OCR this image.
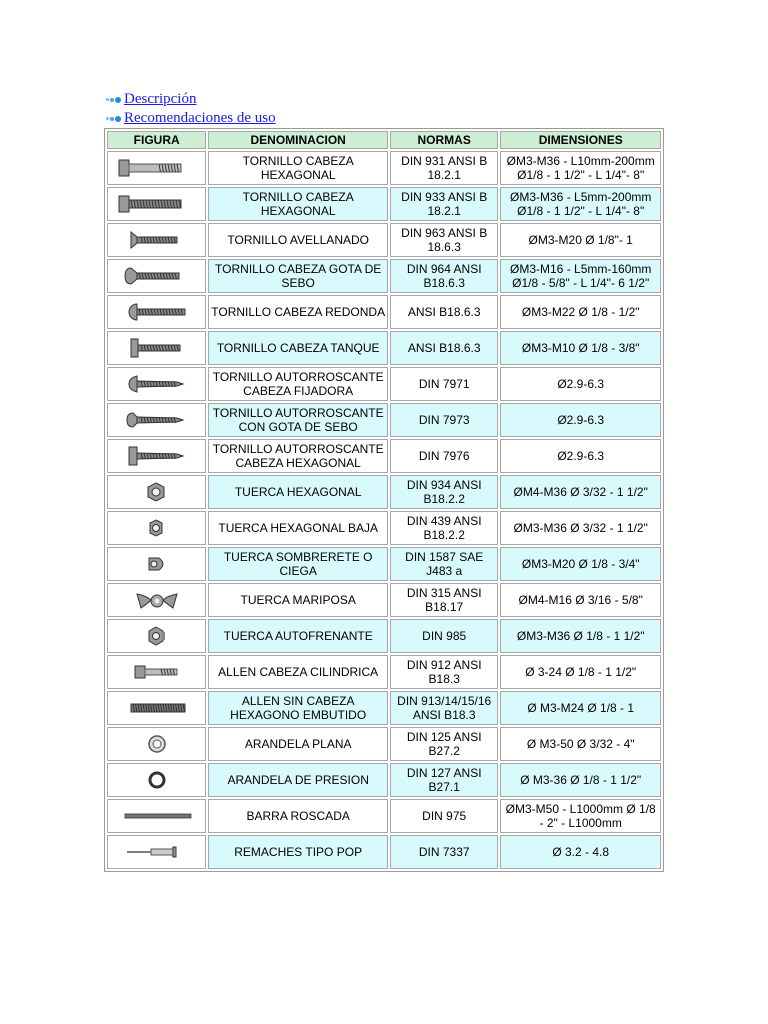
Descripción
Recomendaciones de uso
FIGURA	DENOMINACION	NORMAS	DIMENSIONES

	TORNILLO CABEZA HEXAGONAL	DIN 931 ANSI B 18.2.1	ØM3-M36 - L10mm-200mm Ø1/8 - 1 1/2" - L 1/4"- 8"

	TORNILLO CABEZA HEXAGONAL	DIN 933 ANSI B 18.2.1	ØM3-M36 - L5mm-200mm Ø1/8 - 1 1/2" - L 1/4"- 8"

	TORNILLO AVELLANADO	DIN 963 ANSI B 18.6.3	ØM3-M20 Ø 1/8"- 1

	TORNILLO CABEZA GOTA DE SEBO	DIN 964 ANSI B18.6.3	ØM3-M16 - L5mm-160mm Ø1/8 - 5/8" - L 1/4"- 6 1/2"

	TORNILLO CABEZA REDONDA	ANSI B18.6.3	ØM3-M22 Ø 1/8 - 1/2"

	TORNILLO CABEZA TANQUE	ANSI B18.6.3	ØM3-M10 Ø 1/8 - 3/8"

	TORNILLO AUTORROSCANTE CABEZA FIJADORA	DIN 7971	Ø2.9-6.3

	TORNILLO AUTORROSCANTE CON GOTA DE SEBO	DIN 7973	Ø2.9-6.3

	TORNILLO AUTORROSCANTE CABEZA HEXAGONAL	DIN 7976	Ø2.9-6.3

	TUERCA HEXAGONAL	DIN 934 ANSI B18.2.2	ØM4-M36 Ø 3/32 - 1 1/2"

	TUERCA HEXAGONAL BAJA	DIN 439 ANSI B18.2.2	ØM3-M36 Ø 3/32 - 1 1/2"

	TUERCA SOMBRERETE O CIEGA	DIN 1587 SAE J483 a	ØM3-M20 Ø 1/8 - 3/4"

	TUERCA MARIPOSA	DIN 315 ANSI B18.17	ØM4-M16 Ø 3/16 - 5/8"

	TUERCA AUTOFRENANTE	DIN 985	ØM3-M36 Ø 1/8 - 1 1/2"

	ALLEN CABEZA CILINDRICA	DIN 912 ANSI B18.3	Ø 3-24 Ø 1/8 - 1 1/2"

	ALLEN SIN CABEZA HEXAGONO EMBUTIDO	DIN 913/14/15/16 ANSI B18.3	Ø M3-M24 Ø 1/8 - 1

	ARANDELA PLANA	DIN 125 ANSI B27.2	Ø M3-50 Ø 3/32 - 4"

	ARANDELA DE PRESION	DIN 127 ANSI B27.1	Ø M3-36 Ø 1/8 - 1 1/2"

	BARRA ROSCADA	DIN 975	ØM3-M50 - L1000mm Ø 1/8 - 2" - L1000mm

	REMACHES TIPO POP	DIN 7337	Ø 3.2 - 4.8
